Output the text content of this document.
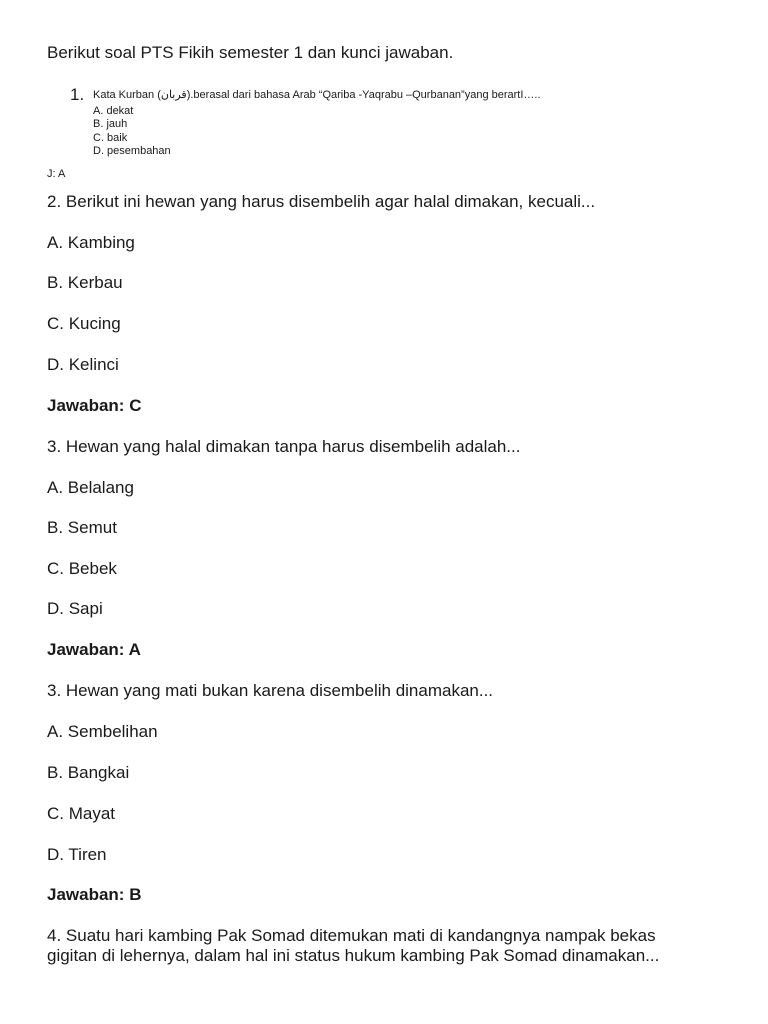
Berikut soal PTS Fikih semester 1 dan kunci jawaban.

1. Kata Kurban (قربان).berasal dari bahasa Arab “Qariba -Yaqrabu –Qurbanan”yang berartI…..
A. dekat
B. jauh
C. baik
D. pesembahan
J: A

2. Berikut ini hewan yang harus disembelih agar halal dimakan, kecuali...

A. Kambing

B. Kerbau

C. Kucing

D. Kelinci

Jawaban: C

3. Hewan yang halal dimakan tanpa harus disembelih adalah...

A. Belalang

B. Semut

C. Bebek

D. Sapi

Jawaban: A

3. Hewan yang mati bukan karena disembelih dinamakan...

A. Sembelihan

B. Bangkai

C. Mayat

D. Tiren

Jawaban: B

4. Suatu hari kambing Pak Somad ditemukan mati di kandangnya nampak bekas gigitan di lehernya, dalam hal ini status hukum kambing Pak Somad dinamakan...
